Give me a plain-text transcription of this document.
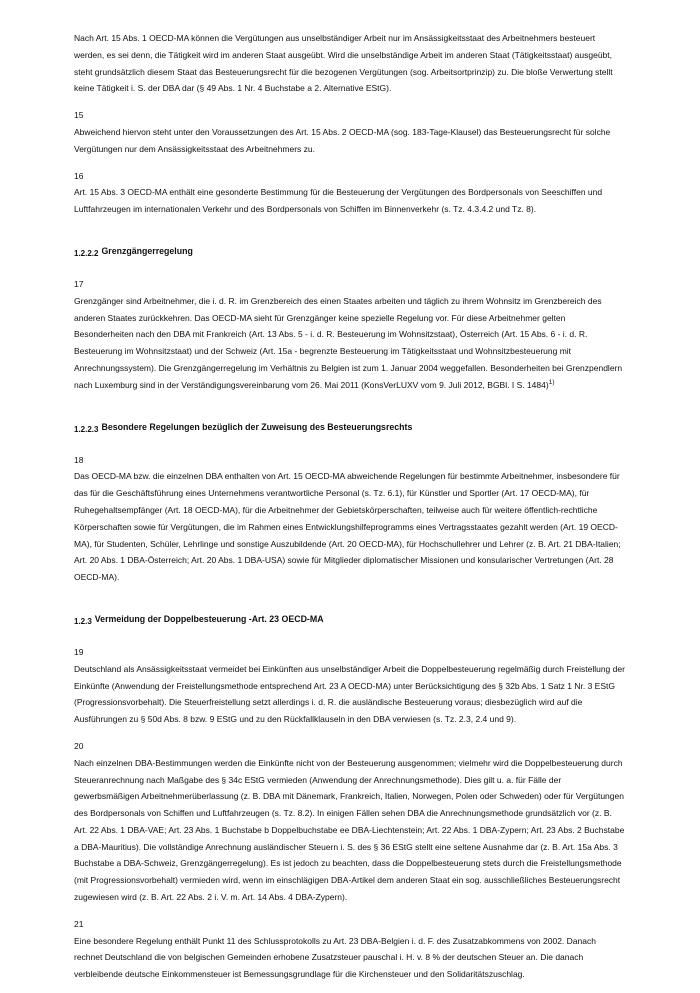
Nach Art. 15 Abs. 1 OECD-MA können die Vergütungen aus unselbständiger Arbeit nur im Ansässigkeitsstaat des Arbeitnehmers besteuert werden, es sei denn, die Tätigkeit wird im anderen Staat ausgeübt. Wird die unselbständige Arbeit im anderen Staat (Tätigkeitsstaat) ausgeübt, steht grundsätzlich diesem Staat das Besteuerungsrecht für die bezogenen Vergütungen (sog. Arbeitsortprinzip) zu. Die bloße Verwertung stellt keine Tätigkeit i. S. der DBA dar (§ 49 Abs. 1 Nr. 4 Buchstabe a 2. Alternative EStG).

15

Abweichend hiervon steht unter den Voraussetzungen des Art. 15 Abs. 2 OECD-MA (sog. 183-Tage-Klausel) das Besteuerungsrecht für solche Vergütungen nur dem Ansässigkeitsstaat des Arbeitnehmers zu.

16

Art. 15 Abs. 3 OECD-MA enthält eine gesonderte Bestimmung für die Besteuerung der Vergütungen des Bordpersonals von Seeschiffen und Luftfahrzeugen im internationalen Verkehr und des Bordpersonals von Schiffen im Binnenverkehr (s. Tz. 4.3.4.2 und Tz. 8).

1.2.2.2 Grenzgängerregelung

17

Grenzgänger sind Arbeitnehmer, die i. d. R. im Grenzbereich des einen Staates arbeiten und täglich zu ihrem Wohnsitz im Grenzbereich des anderen Staates zurückkehren. Das OECD-MA sieht für Grenzgänger keine spezielle Regelung vor. Für diese Arbeitnehmer gelten Besonderheiten nach den DBA mit Frankreich (Art. 13 Abs. 5 - i. d. R. Besteuerung im Wohnsitzstaat), Österreich (Art. 15 Abs. 6 - i. d. R. Besteuerung im Wohnsitzstaat) und der Schweiz (Art. 15a - begrenzte Besteuerung im Tätigkeitsstaat und Wohnsitzbesteuerung mit Anrechnungssystem). Die Grenzgängerregelung im Verhältnis zu Belgien ist zum 1. Januar 2004 weggefallen. Besonderheiten bei Grenzpendlern nach Luxemburg sind in der Verständigungsvereinbarung vom 26. Mai 2011 (KonsVerLUXV vom 9. Juli 2012, BGBl. I S. 1484)$^{1)}$

1.2.2.3 Besondere Regelungen bezüglich der Zuweisung des Besteuerungsrechts

18

Das OECD-MA bzw. die einzelnen DBA enthalten von Art. 15 OECD-MA abweichende Regelungen für bestimmte Arbeitnehmer, insbesondere für das für die Geschäftsführung eines Unternehmens verantwortliche Personal (s. Tz. 6.1), für Künstler und Sportler (Art. 17 OECD-MA), für Ruhegehaltsempfänger (Art. 18 OECD-MA), für die Arbeitnehmer der Gebietskörperschaften, teilweise auch für weitere öffentlich-rechtliche Körperschaften sowie für Vergütungen, die im Rahmen eines Entwicklungshilfeprogramms eines Vertragsstaates gezahlt werden (Art. 19 OECD-MA), für Studenten, Schüler, Lehrlinge und sonstige Auszubildende (Art. 20 OECD-MA), für Hochschullehrer und Lehrer (z. B. Art. 21 DBA-Italien; Art. 20 Abs. 1 DBA-Österreich; Art. 20 Abs. 1 DBA-USA) sowie für Mitglieder diplomatischer Missionen und konsularischer Vertretungen (Art. 28 OECD-MA).

1.2.3 Vermeidung der Doppelbesteuerung -Art. 23 OECD-MA

19

Deutschland als Ansässigkeitsstaat vermeidet bei Einkünften aus unselbständiger Arbeit die Doppelbesteuerung regelmäßig durch Freistellung der Einkünfte (Anwendung der Freistellungsmethode entsprechend Art. 23 A OECD-MA) unter Berücksichtigung des § 32b Abs. 1 Satz 1 Nr. 3 EStG (Progressionsvorbehalt). Die Steuerfreistellung setzt allerdings i. d. R. die ausländische Besteuerung voraus; diesbezüglich wird auf die Ausführungen zu § 50d Abs. 8 bzw. 9 EStG und zu den Rückfallklauseln in den DBA verwiesen (s. Tz. 2.3, 2.4 und 9).

20

Nach einzelnen DBA-Bestimmungen werden die Einkünfte nicht von der Besteuerung ausgenommen; vielmehr wird die Doppelbesteuerung durch Steueranrechnung nach Maßgabe des § 34c EStG vermieden (Anwendung der Anrechnungsmethode). Dies gilt u. a. für Fälle der gewerbsmäßigen Arbeitnehmerüberlassung (z. B. DBA mit Dänemark, Frankreich, Italien, Norwegen, Polen oder Schweden) oder für Vergütungen des Bordpersonals von Schiffen und Luftfahrzeugen (s. Tz. 8.2). In einigen Fällen sehen DBA die Anrechnungsmethode grundsätzlich vor (z. B. Art. 22 Abs. 1 DBA-VAE; Art. 23 Abs. 1 Buchstabe b Doppelbuchstabe ee DBA-Liechtenstein; Art. 22 Abs. 1 DBA-Zypern; Art. 23 Abs. 2 Buchstabe a DBA-Mauritius). Die vollständige Anrechnung ausländischer Steuern i. S. des § 36 EStG stellt eine seltene Ausnahme dar (z. B. Art. 15a Abs. 3 Buchstabe a DBA-Schweiz, Grenzgängerregelung). Es ist jedoch zu beachten, dass die Doppelbesteuerung stets durch die Freistellungsmethode (mit Progressionsvorbehalt) vermieden wird, wenn im einschlägigen DBA-Artikel dem anderen Staat ein sog. ausschließliches Besteuerungsrecht zugewiesen wird (z. B. Art. 22 Abs. 2 i. V. m. Art. 14 Abs. 4 DBA-Zypern).

21

Eine besondere Regelung enthält Punkt 11 des Schlussprotokolls zu Art. 23 DBA-Belgien i. d. F. des Zusatzabkommens von 2002. Danach rechnet Deutschland die von belgischen Gemeinden erhobene Zusatzsteuer pauschal i. H. v. 8 % der deutschen Steuer an. Die danach verbleibende deutsche Einkommensteuer ist Bemessungsgrundlage für die Kirchensteuer und den Solidaritätszuschlag.
